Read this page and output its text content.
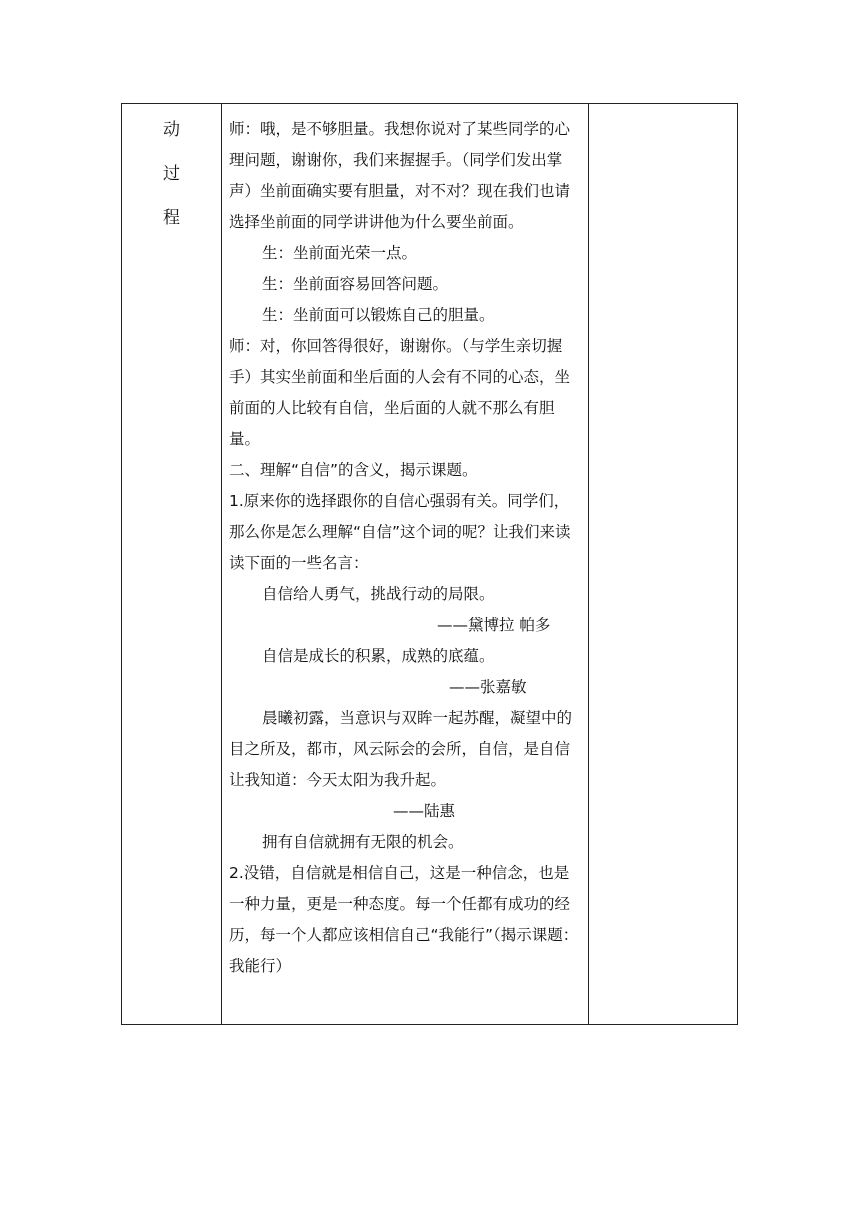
动
过
程

师：哦，是不够胆量。我想你说对了某些同学的心理问题，谢谢你，我们来握握手。（同学们发出掌声）坐前面确实要有胆量，对不对？现在我们也请选择坐前面的同学讲讲他为什么要坐前面。

生：坐前面光荣一点。

生：坐前面容易回答问题。

生：坐前面可以锻炼自己的胆量。

师：对，你回答得很好，谢谢你。（与学生亲切握手）其实坐前面和坐后面的人会有不同的心态，坐前面的人比较有自信，坐后面的人就不那么有胆量。

二、理解“自信”的含义，揭示课题。

1.原来你的选择跟你的自信心强弱有关。同学们，那么你是怎么理解“自信”这个词的呢？让我们来读读下面的一些名言：

自信给人勇气，挑战行动的局限。

——黛博拉 帕多

自信是成长的积累，成熟的底蕴。

——张嘉敏

晨曦初露，当意识与双眸一起苏醒，凝望中的目之所及，都市，风云际会的会所，自信，是自信让我知道：今天太阳为我升起。

——陆惠

拥有自信就拥有无限的机会。

2.没错，自信就是相信自己，这是一种信念，也是一种力量，更是一种态度。每一个任都有成功的经历，每一个人都应该相信自己“我能行”（揭示课题：我能行）
